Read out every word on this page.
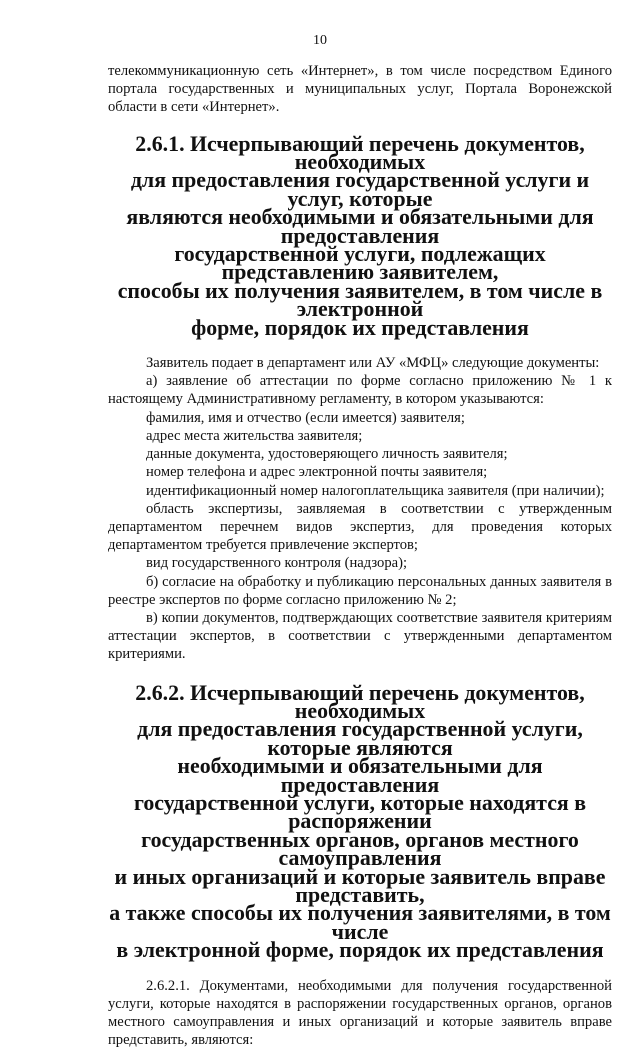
10

телекоммуникационную сеть «Интернет», в том числе посредством Единого портала государственных и муниципальных услуг, Портала Воронежской области в сети «Интернет».

2.6.1. Исчерпывающий перечень документов, необходимых
для предоставления государственной услуги и услуг, которые
являются необходимыми и обязательными для предоставления
государственной услуги, подлежащих представлению заявителем,
способы их получения заявителем, в том числе в электронной
форме, порядок их представления

Заявитель подает в департамент или АУ «МФЦ» следующие документы:

а) заявление об аттестации по форме согласно приложению № 1 к настоящему Административному регламенту, в котором указываются:

фамилия, имя и отчество (если имеется) заявителя;

адрес места жительства заявителя;

данные документа, удостоверяющего личность заявителя;

номер телефона и адрес электронной почты заявителя;

идентификационный номер налогоплательщика заявителя (при наличии);

область экспертизы, заявляемая в соответствии с утвержденным департаментом перечнем видов экспертиз, для проведения которых департаментом требуется привлечение экспертов;

вид государственного контроля (надзора);

б) согласие на обработку и публикацию персональных данных заявителя в реестре экспертов по форме согласно приложению № 2;

в) копии документов, подтверждающих соответствие заявителя критериям аттестации экспертов, в соответствии с утвержденными департаментом критериями.

2.6.2. Исчерпывающий перечень документов, необходимых
для предоставления государственной услуги, которые являются
необходимыми и обязательными для предоставления
государственной услуги, которые находятся в распоряжении
государственных органов, органов местного самоуправления
и иных организаций и которые заявитель вправе представить,
а также способы их получения заявителями, в том числе
в электронной форме, порядок их представления

2.6.2.1. Документами, необходимыми для получения государственной услуги, которые находятся в распоряжении государственных органов, органов местного самоуправления и иных организаций и которые заявитель вправе представить, являются:
